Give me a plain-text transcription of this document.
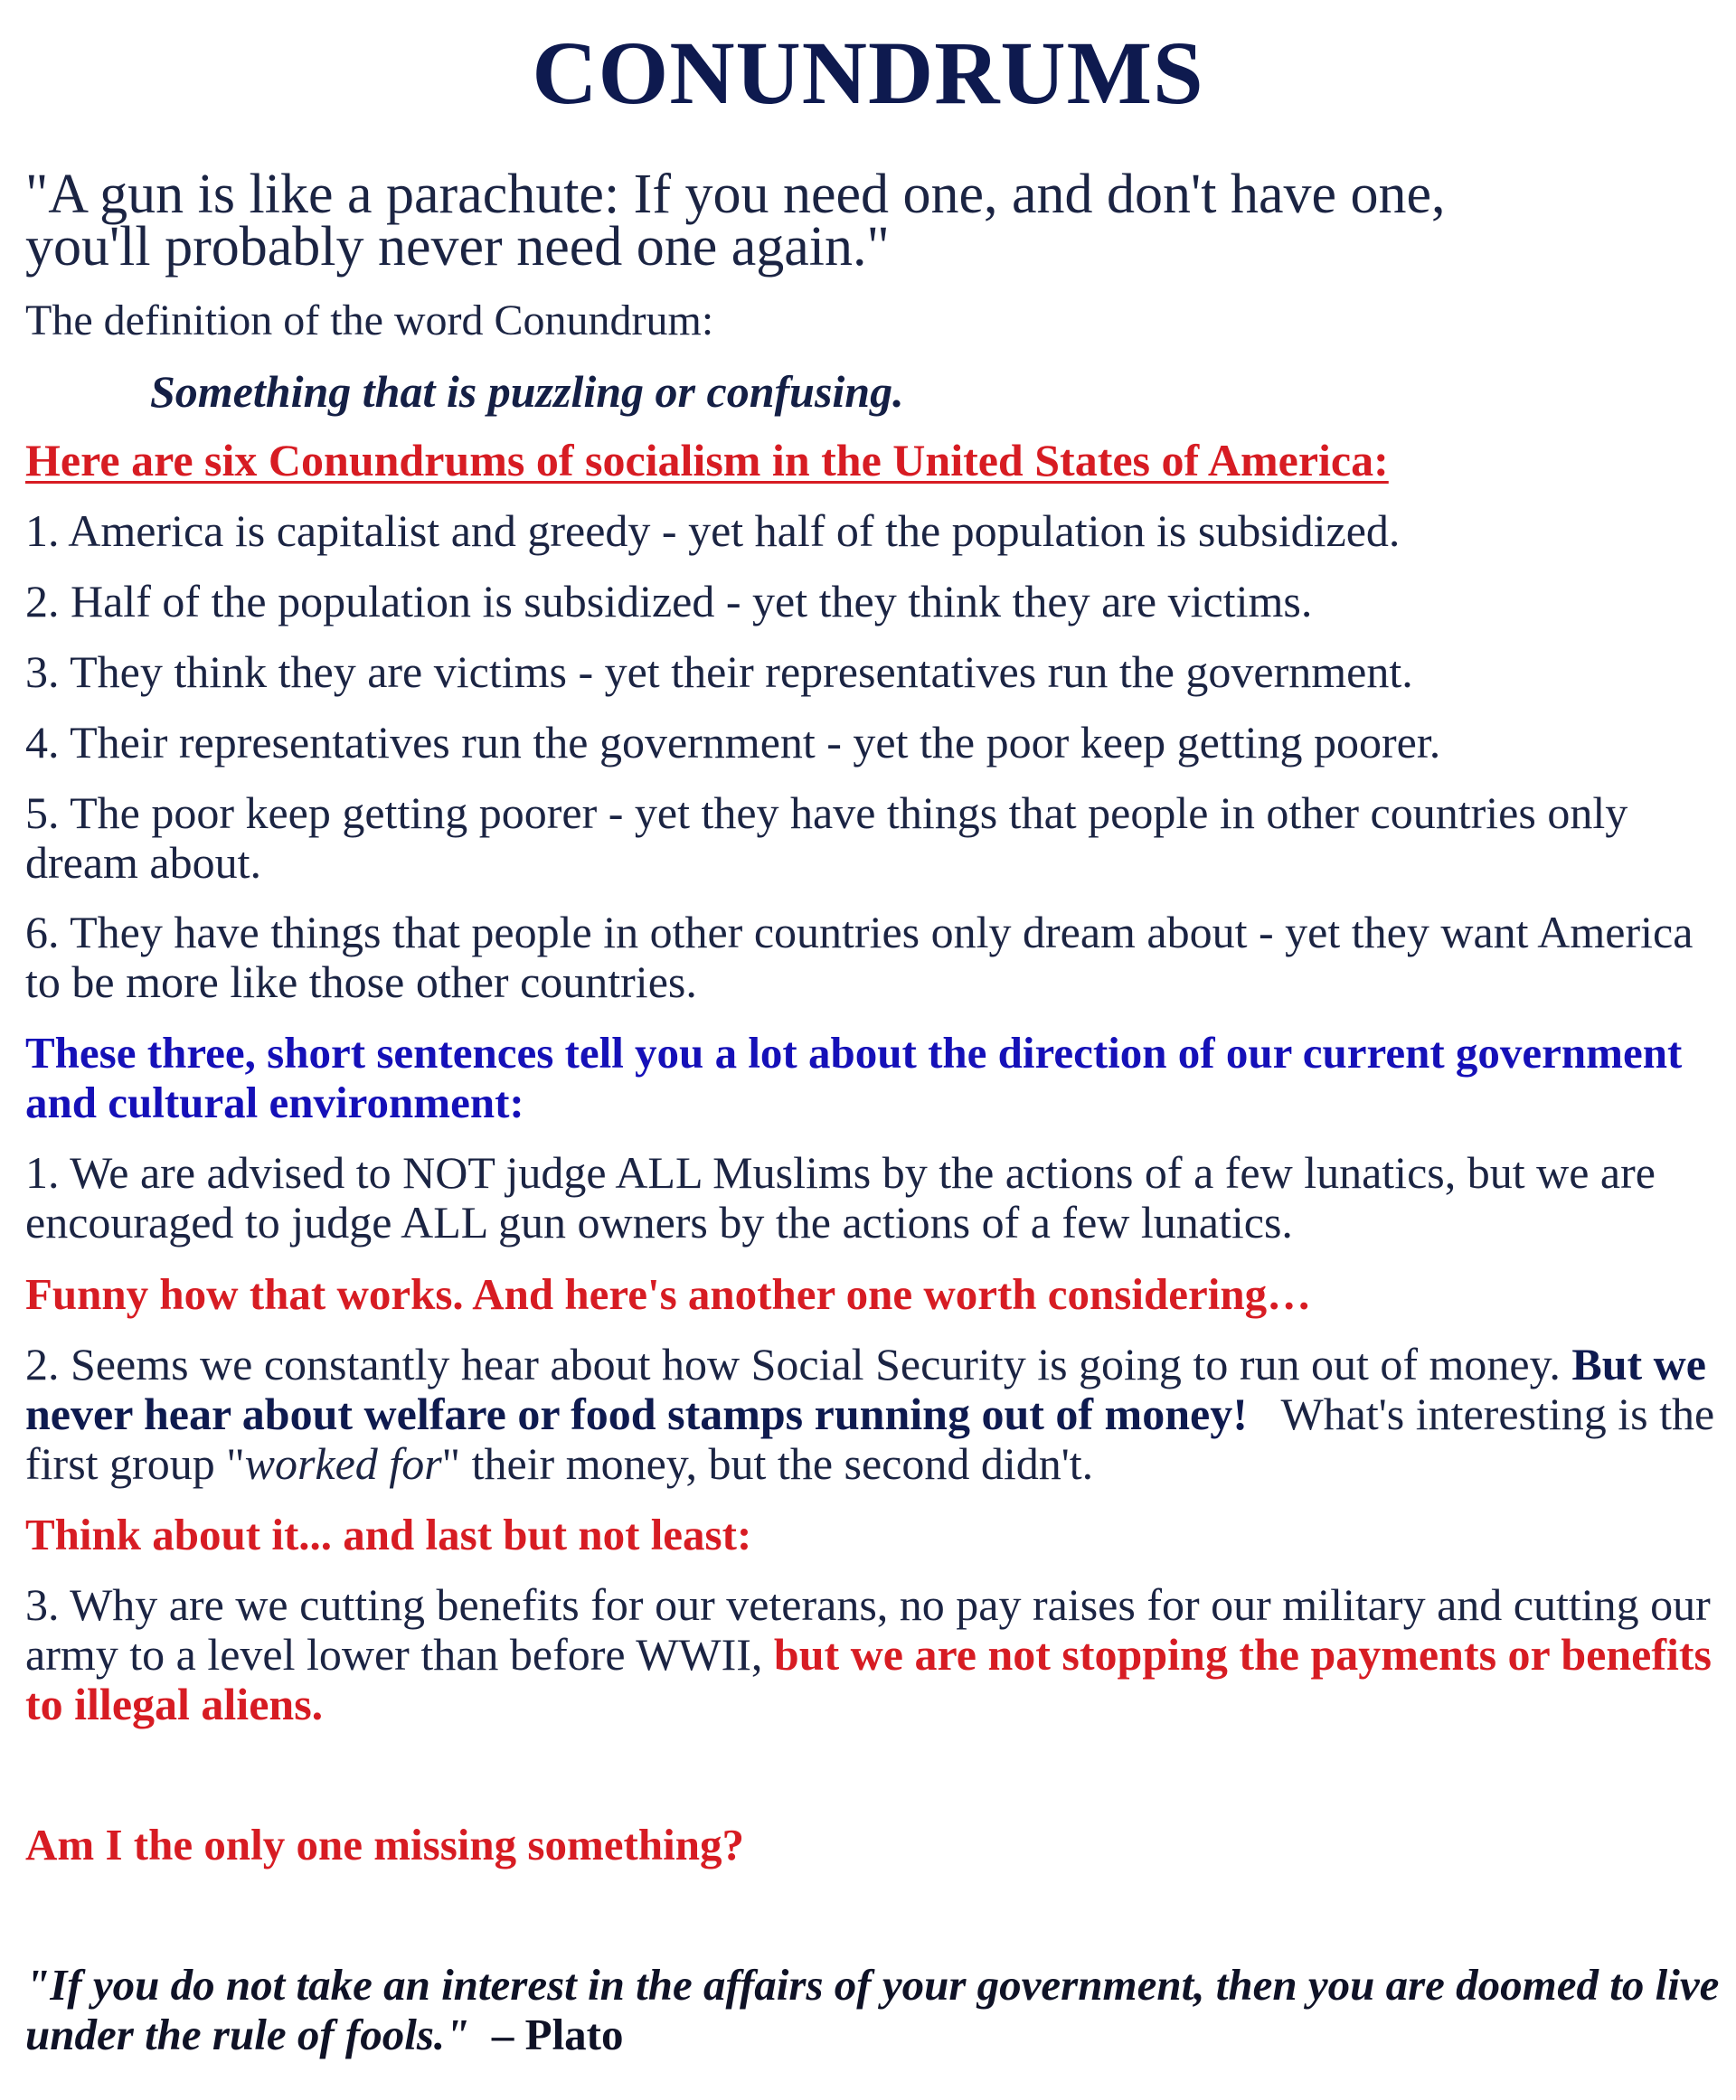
CONUNDRUMS
"A gun is like a parachute: If you need one, and don't have one,
you'll probably never need one again."
The definition of the word Conundrum:
Something that is puzzling or confusing.
Here are six Conundrums of socialism in the United States of America:
1. America is capitalist and greedy - yet half of the population is subsidized.
2. Half of the population is subsidized - yet they think they are victims.
3. They think they are victims - yet their representatives run the government.
4. Their representatives run the government - yet the poor keep getting poorer.
5. The poor keep getting poorer - yet they have things that people in other countries only dream about.
6. They have things that people in other countries only dream about - yet they want America to be more like those other countries.
These three, short sentences tell you a lot about the direction of our current government and cultural environment:
1. We are advised to NOT judge ALL Muslims by the actions of a few lunatics, but we are encouraged to judge ALL gun owners by the actions of a few lunatics.
Funny how that works. And here's another one worth considering…
2. Seems we constantly hear about how Social Security is going to run out of money. But we never hear about welfare or food stamps running out of money!   What's interesting is the first group "worked for" their money, but the second didn't.
Think about it... and last but not least:
3. Why are we cutting benefits for our veterans, no pay raises for our military and cutting our army to a level lower than before WWII, but we are not stopping the payments or benefits to illegal aliens.
Am I the only one missing something?
"If you do not take an interest in the affairs of your government, then you are doomed to live under the rule of fools."  – Plato
